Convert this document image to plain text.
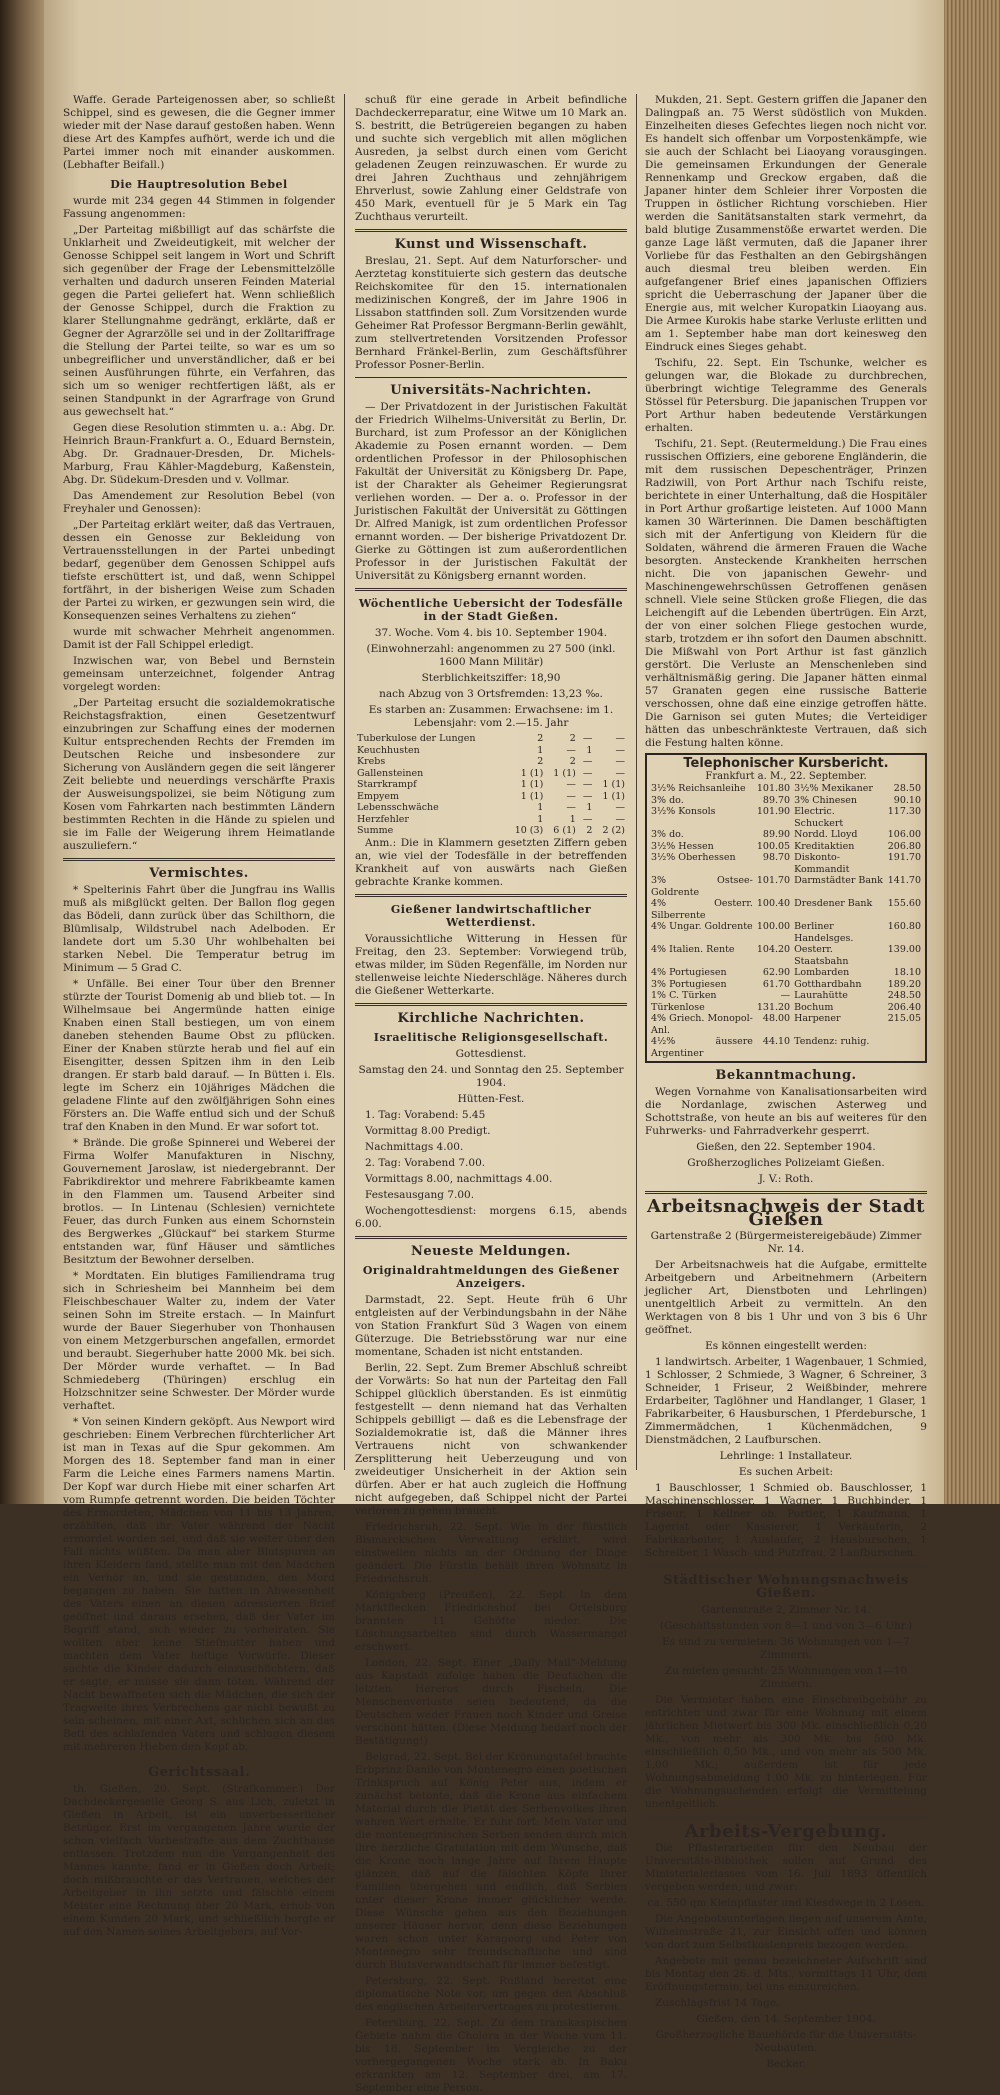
Waffe. Gerade Parteigenossen aber, so schließt Schippel, sind es gewesen, die die Gegner immer wieder mit der Nase darauf gestoßen haben. Wenn diese Art des Kampfes aufhört, werde ich und die Partei immer noch mit einander auskommen. (Lebhafter Beifall.)

Die Hauptresolution Bebel

wurde mit 234 gegen 44 Stimmen in folgender Fassung angenommen:

„Der Parteitag mißbilligt auf das schärfste die Unklarheit und Zweideutigkeit, mit welcher der Genosse Schippel seit langem in Wort und Schrift sich gegenüber der Frage der Lebensmittelzölle verhalten und dadurch unseren Feinden Material gegen die Partei geliefert hat. Wenn schließlich der Genosse Schippel, durch die Fraktion zu klarer Stellungnahme gedrängt, erklärte, daß er Gegner der Agrarzölle sei und in der Zolltariffrage die Stellung der Partei teilte, so war es um so unbegreiflicher und unverständlicher, daß er bei seinen Ausführungen führte, ein Verfahren, das sich um so weniger rechtfertigen läßt, als er seinen Standpunkt in der Agrarfrage von Grund aus gewechselt hat.“

Gegen diese Resolution stimmten u. a.: Abg. Dr. Heinrich Braun-Frankfurt a. O., Eduard Bernstein, Abg. Dr. Gradnauer-Dresden, Dr. Michels-Marburg, Frau Kähler-Magdeburg, Kaßenstein, Abg. Dr. Südekum-Dresden und v. Vollmar.

Das Amendement zur Resolution Bebel (von Freyhaler und Genossen):

„Der Parteitag erklärt weiter, daß das Vertrauen, dessen ein Genosse zur Bekleidung von Vertrauensstellungen in der Partei unbedingt bedarf, gegenüber dem Genossen Schippel aufs tiefste erschüttert ist, und daß, wenn Schippel fortfährt, in der bisherigen Weise zum Schaden der Partei zu wirken, er gezwungen sein wird, die Konsequenzen seines Verhaltens zu ziehen“

wurde mit schwacher Mehrheit angenommen. Damit ist der Fall Schippel erledigt.

Inzwischen war, von Bebel und Bernstein gemeinsam unterzeichnet, folgender Antrag vorgelegt worden:

„Der Parteitag ersucht die sozialdemokratische Reichstagsfraktion, einen Gesetzentwurf einzubringen zur Schaffung eines der modernen Kultur entsprechenden Rechts der Fremden im Deutschen Reiche und insbesondere zur Sicherung von Ausländern gegen die seit längerer Zeit beliebte und neuerdings verschärfte Praxis der Ausweisungspolizei, sie beim Nötigung zum Kosen vom Fahrkarten nach bestimmten Ländern bestimmten Rechten in die Hände zu spielen und sie im Falle der Weigerung ihrem Heimatlande auszuliefern.“

Vermischtes.

* Spelterinis Fahrt über die Jungfrau ins Wallis muß als mißglückt gelten. Der Ballon flog gegen das Bödeli, dann zurück über das Schilthorn, die Blümlisalp, Wildstrubel nach Adelboden. Er landete dort um 5.30 Uhr wohlbehalten bei starken Nebel. Die Temperatur betrug im Minimum — 5 Grad C.

* Unfälle. Bei einer Tour über den Brenner stürzte der Tourist Domenig ab und blieb tot. — In Wilhelmsaue bei Angermünde hatten einige Knaben einen Stall bestiegen, um von einem daneben stehenden Baume Obst zu pflücken. Einer der Knaben stürzte herab und fiel auf ein Eisengitter, dessen Spitzen ihm in den Leib drangen. Er starb bald darauf. — In Bütten i. Els. legte im Scherz ein 10jähriges Mädchen die geladene Flinte auf den zwölfjährigen Sohn eines Försters an. Die Waffe entlud sich und der Schuß traf den Knaben in den Mund. Er war sofort tot.

* Brände. Die große Spinnerei und Weberei der Firma Wolfer Manufakturen in Nischny, Gouvernement Jaroslaw, ist niedergebrannt. Der Fabrikdirektor und mehrere Fabrikbeamte kamen in den Flammen um. Tausend Arbeiter sind brotlos. — In Lintenau (Schlesien) vernichtete Feuer, das durch Funken aus einem Schornstein des Bergwerkes „Glückauf“ bei starkem Sturme entstanden war, fünf Häuser und sämtliches Besitztum der Bewohner derselben.

* Mordtaten. Ein blutiges Familiendrama trug sich in Schriesheim bei Mannheim bei dem Fleischbeschauer Walter zu, indem der Vater seinen Sohn im Streite erstach. — In Mainfurt wurde der Bauer Siegerhuber von Thonhausen von einem Metzgerburschen angefallen, ermordet und beraubt. Siegerhuber hatte 2000 Mk. bei sich. Der Mörder wurde verhaftet. — In Bad Schmiedeberg (Thüringen) erschlug ein Holzschnitzer seine Schwester. Der Mörder wurde verhaftet.

* Von seinen Kindern geköpft. Aus Newport wird geschrieben: Einem Verbrechen fürchterlicher Art ist man in Texas auf die Spur gekommen. Am Morgen des 18. September fand man in einer Farm die Leiche eines Farmers namens Martin. Der Kopf war durch Hiebe mit einer scharfen Art vom Rumpfe getrennt worden. Die beiden Töchter des Ermordeten, Mädchen von 11 bis 13 Jahren, erzählten, daß ihr Vater während der Nacht ermordet worden sei, und daß sie weiter über den Fall nichts wüßten. Da man aber Blutspuren an ihren Kleidern fand, stellte man mit den Mädchen ein Verhör an, und sie gestanden, den Mord begangen zu haben. Sie hatten in Abwesenheit des Vaters einen an diesen adressierten Brief geöffnet und daraus ersehen, daß der Vater im Begriff stand, sich wieder zu verheiraten. Sie wollten aber keine Stiefmutter haben und machten dem Vater heftige Vorwürfe. Dieser suchte die Kinder dadurch einzuschüchtern, daß er sagte, er müsse sie dann töten. Während der Nacht bewaffneten sich die Mädchen, die sich der Tragweite ihres Verbrechens gar nicht bewußt zu sein scheinen, mit einer Axt, schlichen sich an das Bett des schlafenden Vaters und schlugen diesem mit mehreren Hieben den Kopf ab.

Gerichtssaal.

th. Gießen, 20. Sept. (Strafkammer.) Der Dachdeckergeselle Georg S. aus Lich, zuletzt in Gießen in Arbeit, ist ein unverbesserlicher Betrüger. Erst im vergangenen Jahre wurde der schon vielfach Vorbestrafte aus dem Zuchthause entlassen. Trotzdem nun die Vergangenheit des Mannes kannte, fand er in Gießen doch Arbeit; doch mißbrauchte er das Vertrauen, welches der Arbeitgeber in ihn setzte und fälschte einem Meister eine Rechnung über 20 Mark, erhob von einem Kunden 20 Mark, und schließlich borgte er auf den Namen seines Arbeitgebers, auf Vor-

schuß für eine gerade in Arbeit befindliche Dachdeckerreparatur, eine Witwe um 10 Mark an. S. bestritt, die Betrügereien begangen zu haben und suchte sich vergeblich mit allen möglichen Ausreden, ja selbst durch einen vom Gericht geladenen Zeugen reinzuwaschen. Er wurde zu drei Jahren Zuchthaus und zehnjährigem Ehrverlust, sowie Zahlung einer Geldstrafe von 450 Mark, eventuell für je 5 Mark ein Tag Zuchthaus verurteilt.

Kunst und Wissenschaft.

Breslau, 21. Sept. Auf dem Naturforscher- und Aerztetag konstituierte sich gestern das deutsche Reichskomitee für den 15. internationalen medizinischen Kongreß, der im Jahre 1906 in Lissabon stattfinden soll. Zum Vorsitzenden wurde Geheimer Rat Professor Bergmann-Berlin gewählt, zum stellvertretenden Vorsitzenden Professor Bernhard Fränkel-Berlin, zum Geschäftsführer Professor Posner-Berlin.

Universitäts-Nachrichten.

— Der Privatdozent in der Juristischen Fakultät der Friedrich Wilhelms-Universität zu Berlin, Dr. Burchard, ist zum Professor an der Königlichen Akademie zu Posen ernannt worden. — Dem ordentlichen Professor in der Philosophischen Fakultät der Universität zu Königsberg Dr. Pape, ist der Charakter als Geheimer Regierungsrat verliehen worden. — Der a. o. Professor in der Juristischen Fakultät der Universität zu Göttingen Dr. Alfred Manigk, ist zum ordentlichen Professor ernannt worden. — Der bisherige Privatdozent Dr. Gierke zu Göttingen ist zum außerordentlichen Professor in der Juristischen Fakultät der Universität zu Königsberg ernannt worden.

Wöchentliche Uebersicht der Todesfälle in der Stadt Gießen.

37. Woche. Vom 4. bis 10. September 1904.

(Einwohnerzahl: angenommen zu 27 500 (inkl. 1600 Mann Militär)

Sterblichkeitsziffer: 18,90

nach Abzug von 3 Ortsfremden: 13,23 ‰.

Es starben an: Zusammen: Erwachsene: im 1. Lebensjahr: vom 2.—15. Jahr

Tuberkulose der Lungen	2	2	—	—
Keuchhusten	1	—	1	—
Krebs	2	2	—	—
Gallensteinen	1 (1)	1 (1)	—	—
Starrkrampf	1 (1)	—	—	1 (1)
Empyem	1 (1)	—	—	1 (1)
Lebensschwäche	1	—	1	—
Herzfehler	1	1	—	—
Summe	10 (3)	6 (1)	2	2 (2)

Anm.: Die in Klammern gesetzten Ziffern geben an, wie viel der Todesfälle in der betreffenden Krankheit auf von auswärts nach Gießen gebrachte Kranke kommen.

Gießener landwirtschaftlicher Wetterdienst.

Voraussichtliche Witterung in Hessen für Freitag, den 23. September: Vorwiegend trüb, etwas milder, im Süden Regenfälle, im Norden nur stellenweise leichte Niederschläge. Näheres durch die Gießener Wetterkarte.

Kirchliche Nachrichten.
Israelitische Religionsgesellschaft.

Gottesdienst.

Samstag den 24. und Sonntag den 25. September 1904.

Hütten-Fest.

1. Tag: Vorabend: 5.45

Vormittag 8.00 Predigt.

Nachmittags 4.00.

2. Tag: Vorabend 7.00.

Vormittags 8.00, nachmittags 4.00.

Festesausgang 7.00.

Wochengottesdienst: morgens 6.15, abends 6.00.

Neueste Meldungen.
Originaldrahtmeldungen des Gießener Anzeigers.

Darmstadt, 22. Sept. Heute früh 6 Uhr entgleisten auf der Verbindungsbahn in der Nähe von Station Frankfurt Süd 3 Wagen von einem Güterzuge. Die Betriebsstörung war nur eine momentane, Schaden ist nicht entstanden.

Berlin, 22. Sept. Zum Bremer Abschluß schreibt der Vorwärts: So hat nun der Parteitag den Fall Schippel glücklich überstanden. Es ist einmütig festgestellt — denn niemand hat das Verhalten Schippels gebilligt — daß es die Lebensfrage der Sozialdemokratie ist, daß die Männer ihres Vertrauens nicht von schwankender Zersplitterung heit Ueberzeugung und von zweideutiger Unsicherheit in der Aktion sein dürfen. Aber er hat auch zugleich die Hoffnung nicht aufgegeben, daß Schippel nicht der Partei verloren zu gehen braucht.

Friedrichsruh, 22. Sept. Wie in der fürstlich Bismarckschen Verwaltung erklärt, wird einstweilen nichts an der Ordnung der Dinge geändert. Die Fürstin behält ihren Wohnsitz in Friedrichsruh.

Königsberg (Preußen), 22. Sept. In dem Marktflecken Friedrichshof bei Ortelsburg brannten 11 Gehöfte nieder. Die Löschungsarbeiten sind durch Wassermangel erschwert.

London, 22. Sept. Einer „Daily Mail“-Meldung aus Kapstadt zufolge haben die Deutschen die letzten Hereros durch Fischeln. Die Menschenverluste seien bedeutend, da die Deutschen weder Frauen noch Kinder und Greise verschont hätten. (Diese Meldung bedarf noch der Bestätigung!)

Belgrad, 22. Sept. Bei der Krönungstafel brachte Erbprinz Danilo von Montenegro einen poetischen Trinkspruch auf König Peter aus, indem er zunächst betonte, daß die Krone aus einfachem Material durch die Pietät des Serbenvolkes ihren wahren Wert erhalte. Er fuhr fort: Mein Vater und die montenegrinischen Serben senden durch mich ihre herzliche Gratulation mit dem Wunsche, daß die Krone noch lange Jahre auf Ihrem Haupte glänzen, daß auf die fälschten Köpfe Ihrer Familien übergehen und endlich, daß Serbien unter dieser Krone immer glücklicher werde. Diese Wünsche gehen aus den Beziehungen unserer Häuser hervor, denn diese Beziehungen waren schon unter Karageorg und Peter von Montenegro sehr freundschaftliche und sind durch Blutsverwandtschaft für immer befestigt.

Petersburg, 22. Sept. Rußland bereitet eine diplomatische Note vor, um gegen den Abschluß des englischen Arbeitervertrages zu protestieren.

Petersburg, 22. Sept. Zu dem transkaspischen Gebiete nahm die Cholera in der Woche vom 11. bis 18. September im Vergleiche zu der vorhergegangenen Woche stark ab. In Baku erkrankten am 12. September drei, am 17. September eine Person.

Mukden, 21. Sept. Gestern griffen die Japaner den Dalingpaß an. 75 Werst südöstlich von Mukden. Einzelheiten dieses Gefechtes liegen noch nicht vor. Es handelt sich offenbar um Vorpostenkämpfe, wie sie auch der Schlacht bei Liaoyang vorausgingen. Die gemeinsamen Erkundungen der Generale Rennenkamp und Greckow ergaben, daß die Japaner hinter dem Schleier ihrer Vorposten die Truppen in östlicher Richtung vorschieben. Hier werden die Sanitätsanstalten stark vermehrt, da bald blutige Zusammenstöße erwartet werden. Die ganze Lage läßt vermuten, daß die Japaner ihrer Vorliebe für das Festhalten an den Gebirgshängen auch diesmal treu bleiben werden. Ein aufgefangener Brief eines japanischen Offiziers spricht die Ueberraschung der Japaner über die Energie aus, mit welcher Kuropatkin Liaoyang aus. Die Armee Kurokis habe starke Verluste erlitten und am 1. September habe man dort keinesweg den Eindruck eines Sieges gehabt.

Tschifu, 22. Sept. Ein Tschunke, welcher es gelungen war, die Blokade zu durchbrechen, überbringt wichtige Telegramme des Generals Stössel für Petersburg. Die japanischen Truppen vor Port Arthur haben bedeutende Verstärkungen erhalten.

Tschifu, 21. Sept. (Reutermeldung.) Die Frau eines russischen Offiziers, eine geborene Engländerin, die mit dem russischen Depeschenträger, Prinzen Radziwill, von Port Arthur nach Tschifu reiste, berichtete in einer Unterhaltung, daß die Hospitäler in Port Arthur großartige leisteten. Auf 1000 Mann kamen 30 Wärterinnen. Die Damen beschäftigten sich mit der Anfertigung von Kleidern für die Soldaten, während die ärmeren Frauen die Wache besorgten. Ansteckende Krankheiten herrschen nicht. Die von japanischen Gewehr- und Maschinengewehrschüssen Getroffenen genäsen schnell. Viele seine Stücken große Fliegen, die das Leichengift auf die Lebenden übertrügen. Ein Arzt, der von einer solchen Fliege gestochen wurde, starb, trotzdem er ihn sofort den Daumen abschnitt. Die Mißwahl von Port Arthur ist fast gänzlich gerstört. Die Verluste an Menschenleben sind verhältnismäßig gering. Die Japaner hätten einmal 57 Granaten gegen eine russische Batterie verschossen, ohne daß eine einzige getroffen hätte. Die Garnison sei guten Mutes; die Verteidiger hätten das unbeschränkteste Vertrauen, daß sich die Festung halten könne.

Telephonischer Kursbericht.
Frankfurt a. M., 22. September.
3½% Reichsanleihe	101.80	3½% Mexikaner	28.50
3% do.	89.70	3% Chinesen	90.10
3½% Konsols	101.90	Electric. Schuckert	117.30
3% do.	89.90	Nordd. Lloyd	106.00
3½% Hessen	100.05	Kreditaktien	206.80
3½% Oberhessen	98.70	Diskonto-Kommandit	191.70
3% Ostsee-Goldrente	101.70	Darmstädter Bank	141.70
4% Oesterr. Silberrente	100.40	Dresdener Bank	155.60
4% Ungar. Goldrente	100.00	Berliner Handelsges.	160.80
4% Italien. Rente	104.20	Oesterr. Staatsbahn	139.00
4% Portugiesen	62.90	Lombarden	18.10
3% Portugiesen	61.70	Gotthardbahn	189.20
1% C. Türken	—	Laurahütte	248.50
Türkenlose	131.20	Bochum	206.40
4% Griech. Monopol-Anl.	48.00	Harpener	215.05
4½% äussere Argentiner	44.10	Tendenz: ruhig.	
Bekanntmachung.

Wegen Vornahme von Kanalisationsarbeiten wird die Nordanlage, zwischen Asterweg und Schottstraße, von heute an bis auf weiteres für den Fuhrwerks- und Fahrradverkehr gesperrt.

Gießen, den 22. September 1904.

Großherzogliches Polizeiamt Gießen.

J. V.: Roth.

Arbeitsnachweis der Stadt Gießen

Gartenstraße 2 (Bürgermeistereigebäude) Zimmer Nr. 14.

Der Arbeitsnachweis hat die Aufgabe, ermittelte Arbeitgebern und Arbeitnehmern (Arbeitern jeglicher Art, Dienstboten und Lehrlingen) unentgeltlich Arbeit zu vermitteln. An den Werktagen von 8 bis 1 Uhr und von 3 bis 6 Uhr geöffnet.

Es können eingestellt werden:

1 landwirtsch. Arbeiter, 1 Wagenbauer, 1 Schmied, 1 Schlosser, 2 Schmiede, 3 Wagner, 6 Schreiner, 3 Schneider, 1 Friseur, 2 Weißbinder, mehrere Erdarbeiter, Taglöhner und Handlanger, 1 Glaser, 1 Fabrikarbeiter, 6 Hausburschen, 1 Pferdebursche, 1 Zimmermädchen, 1 Küchenmädchen, 9 Dienstmädchen, 2 Laufburschen.

Lehrlinge: 1 Installateur.

Es suchen Arbeit:

1 Bauschlosser, 1 Schmied ob. Bauschlosser, 1 Maschinenschlosser, 1 Wagner, 1 Buchbinder, 1 Friseur, 1 Kellner ob. Portier, 1 Kaufmann, 1 Lagerist oder Kassierer, 1 Verkäuferin, 2 Fabrikarbeiter, 1 Auslaufer, 2 Hausburschen, 1 Schreiber, 1 Wasch- und Putzfrau, 2 Laufburschen.

Städtischer Wohnungsnachweis Gießen.

Gartenstraße 2, Zimmer Nr. 14.

(Geschäftsstunden von 8—1 und von 3—6 Uhr.)

Es sind zu vermieten: 36 Wohnungen von 1—7 Zimmern.

Zu mieten gesucht: 25 Wohnungen von 1—10 Zimmern.

Die Vermieter haben eine Einschreibgebühr zu entrichten und zwar für eine Wohnung mit einem jährlichen Mietwert bis 300 Mk. einschließlich 0,20 Mk., von mehr als 300 Mk. bis 500 Mk. einschließlich 0,50 Mk., und von mehr als 500 Mk. 1,00 Mk.; außerdem ist für jede Wohnungsabmeldung 1,00 Mk. zu hinterlegen. Für die Wohnungsuchenden erfolgt die Vermittelung unentgeltlich.

Arbeits-Vergebung.

Die Pflasterarbeiten für den Neubau der Universitäts-Bibliothek sollen auf Grund des Ministerialerlasses vom 16. Juli 1893 öffentlich vergeben werden, und zwar:

ca. 550 qm Kleinpflaster und Kiesdwege in 2 Losen.

Die Angebotsunterlagen liegen auf unserem Amte, Wilhelmstraße 21, zur Einsicht offen und können von dort zum Selbstkostenpreis bezogen werden.

Angebote mit genau bezeichneter Aufschrift sind bis Montag den 26. d. Mts., vormittags 11 Uhr, dem Eröffnungstermin, bei uns einzureichen.

Zuschlagsfrist 14 Tage.

Gießen, den 14. September 1904.

Großherzogliche Bauehörde für die Universitäts-Neubauten.

Becker.
